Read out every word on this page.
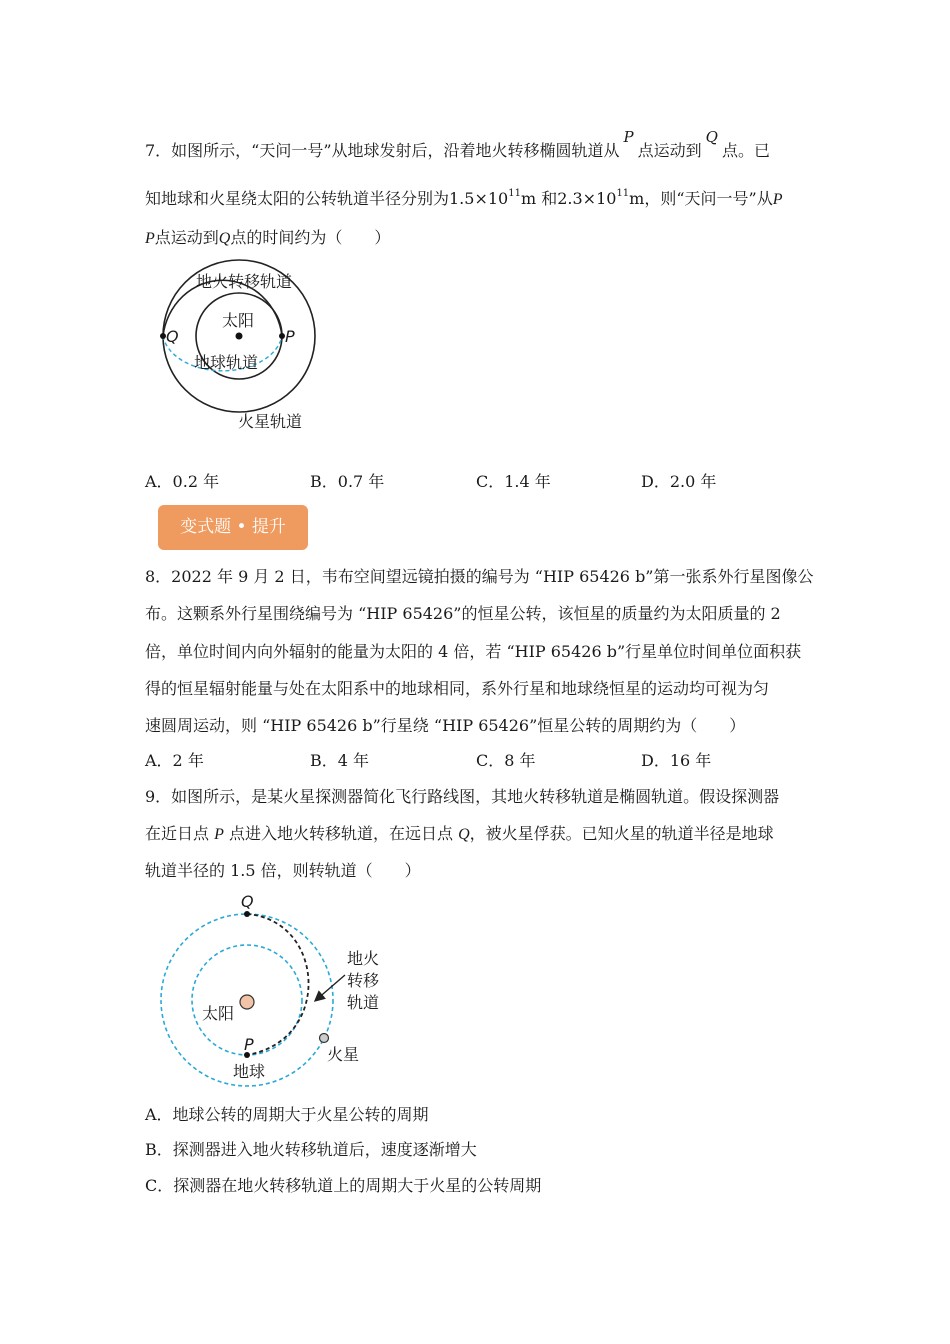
7．如图所示，“天问一号”从地球发射后，沿着地火转移椭圆轨道从P点运动到Q点。已
知地球和火星绕太阳的公转轨道半径分别为$1.5\times 10^{11}m$ 和$2.3\times 10^{11}m$，则“天问一号”从P
P点运动到Q点的时间约为（　　）
地火转移轨道
太阳
地球轨道
火星轨道
Q	P
A．0.2 年	B．0.7 年	C．1.4 年	D．2.0 年
变式题 • 提升
8．2022 年 9 月 2 日，韦布空间望远镜拍摄的编号为 “HIP 65426 b”第一张系外行星图像公
布。这颗系外行星围绕编号为 “HIP 65426”的恒星公转，该恒星的质量约为太阳质量的 2
倍，单位时间内向外辐射的能量为太阳的 4 倍，若 “HIP 65426 b”行星单位时间单位面积获
得的恒星辐射能量与处在太阳系中的地球相同，系外行星和地球绕恒星的运动均可视为匀
速圆周运动，则 “HIP 65426 b”行星绕 “HIP 65426”恒星公转的周期约为（　　）
A．2 年	B．4 年	C．8 年	D．16 年
9．如图所示，是某火星探测器简化飞行路线图，其地火转移轨道是椭圆轨道。假设探测器
在近日点 P 点进入地火转移轨道，在远日点 Q，被火星俘获。已知火星的轨道半径是地球
轨道半径的 1.5 倍，则转轨道（　　）
Q
P
太阳
地球
火星
地火
转移
轨道
A．地球公转的周期大于火星公转的周期
B．探测器进入地火转移轨道后，速度逐渐增大
C．探测器在地火转移轨道上的周期大于火星的公转周期
